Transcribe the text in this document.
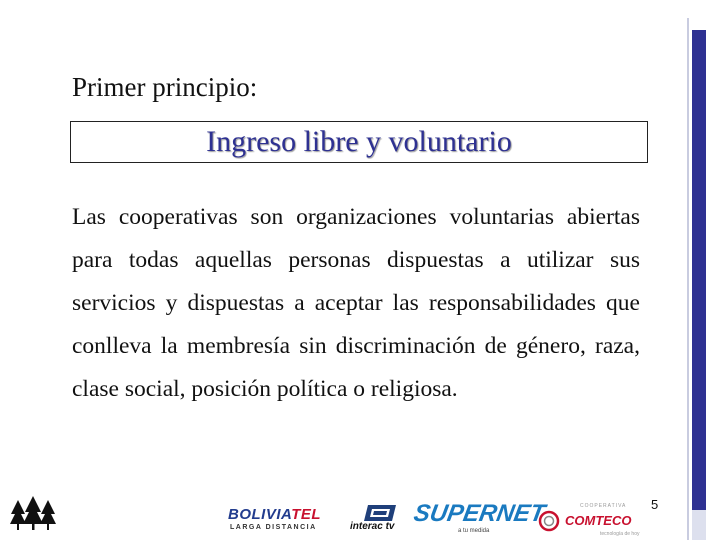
Primer principio:
Ingreso libre y voluntario
Las cooperativas son organizaciones voluntarias abiertas para todas aquellas personas dispuestas a utilizar sus servicios y dispuestas a aceptar las responsabilidades que conlleva la membresía sin discriminación de género, raza, clase social, posición política o religiosa.
5
BOLIVIATEL
LARGA DISTANCIA	interac tv SUPERNET
a tu medida
COOPERATIVA
COMTECO
tecnología de hoy
